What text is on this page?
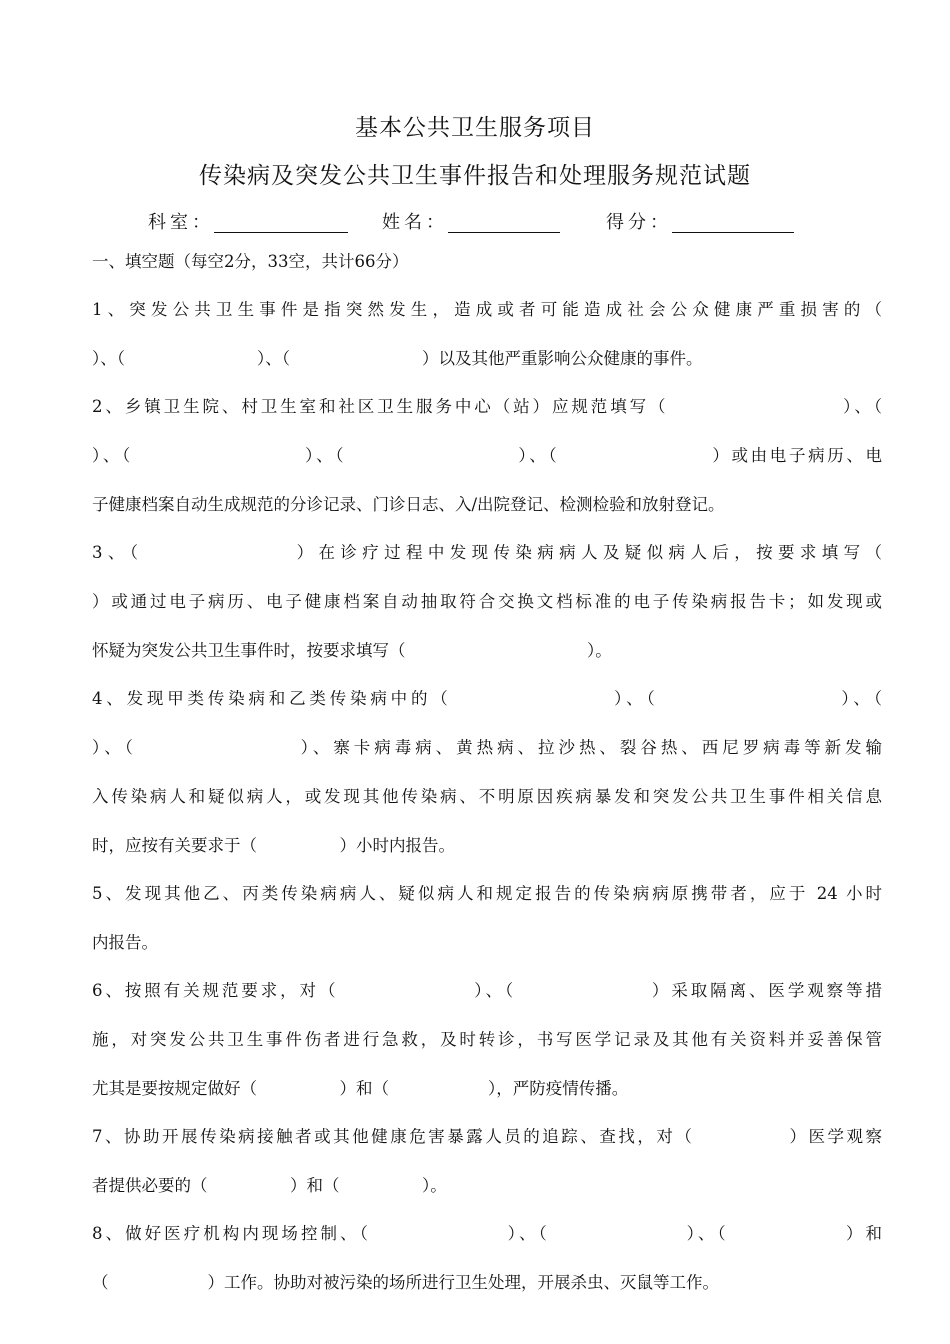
基本公共卫生服务项目
传染病及突发公共卫生事件报告和处理服务规范试题
科室：	姓名：	得分：
一、填空题（每空2分，33空，共计66分）
1、突发公共卫生事件是指突然发生，造成或者可能造成社会公众健康严重损害的（
）、（　　　　　　　　）、（　　　　　　　　）以及其他严重影响公众健康的事件。
2、乡镇卫生院、村卫生室和社区卫生服务中心（站）应规范填写（　　　　　　　　　）、（
）、（　　　　　　　　　）、（　　　　　　　　　）、（　　　　　　　　）或由电子病历、电
子健康档案自动生成规范的分诊记录、门诊日志、入/出院登记、检测检验和放射登记。
3、（　　　　　　　）在诊疗过程中发现传染病病人及疑似病人后，按要求填写（
）或通过电子病历、电子健康档案自动抽取符合交换文档标准的电子传染病报告卡；如发现或
怀疑为突发公共卫生事件时，按要求填写（　　　　　　　　　　　）。
4、发现甲类传染病和乙类传染病中的（　　　　　　　　）、（　　　　　　　　　）、（
）、（　　　　　　　　）、寨卡病毒病、黄热病、拉沙热、裂谷热、西尼罗病毒等新发输
入传染病人和疑似病人，或发现其他传染病、不明原因疾病暴发和突发公共卫生事件相关信息
时，应按有关要求于（　　　　　）小时内报告。
5、发现其他乙、丙类传染病病人、疑似病人和规定报告的传染病病原携带者，应于 24 小时
内报告。
6、按照有关规范要求，对（　　　　　　　）、（　　　　　　　）采取隔离、医学观察等措
施，对突发公共卫生事件伤者进行急救，及时转诊，书写医学记录及其他有关资料并妥善保管
尤其是要按规定做好（　　　　　）和（　　　　　　），严防疫情传播。
7、协助开展传染病接触者或其他健康危害暴露人员的追踪、查找，对（　　　　　）医学观察
者提供必要的（　　　　　）和（　　　　　）。
8、做好医疗机构内现场控制、（　　　　　　　）、（　　　　　　　）、（　　　　　　）和
（　　　　　　）工作。协助对被污染的场所进行卫生处理，开展杀虫、灭鼠等工作。
